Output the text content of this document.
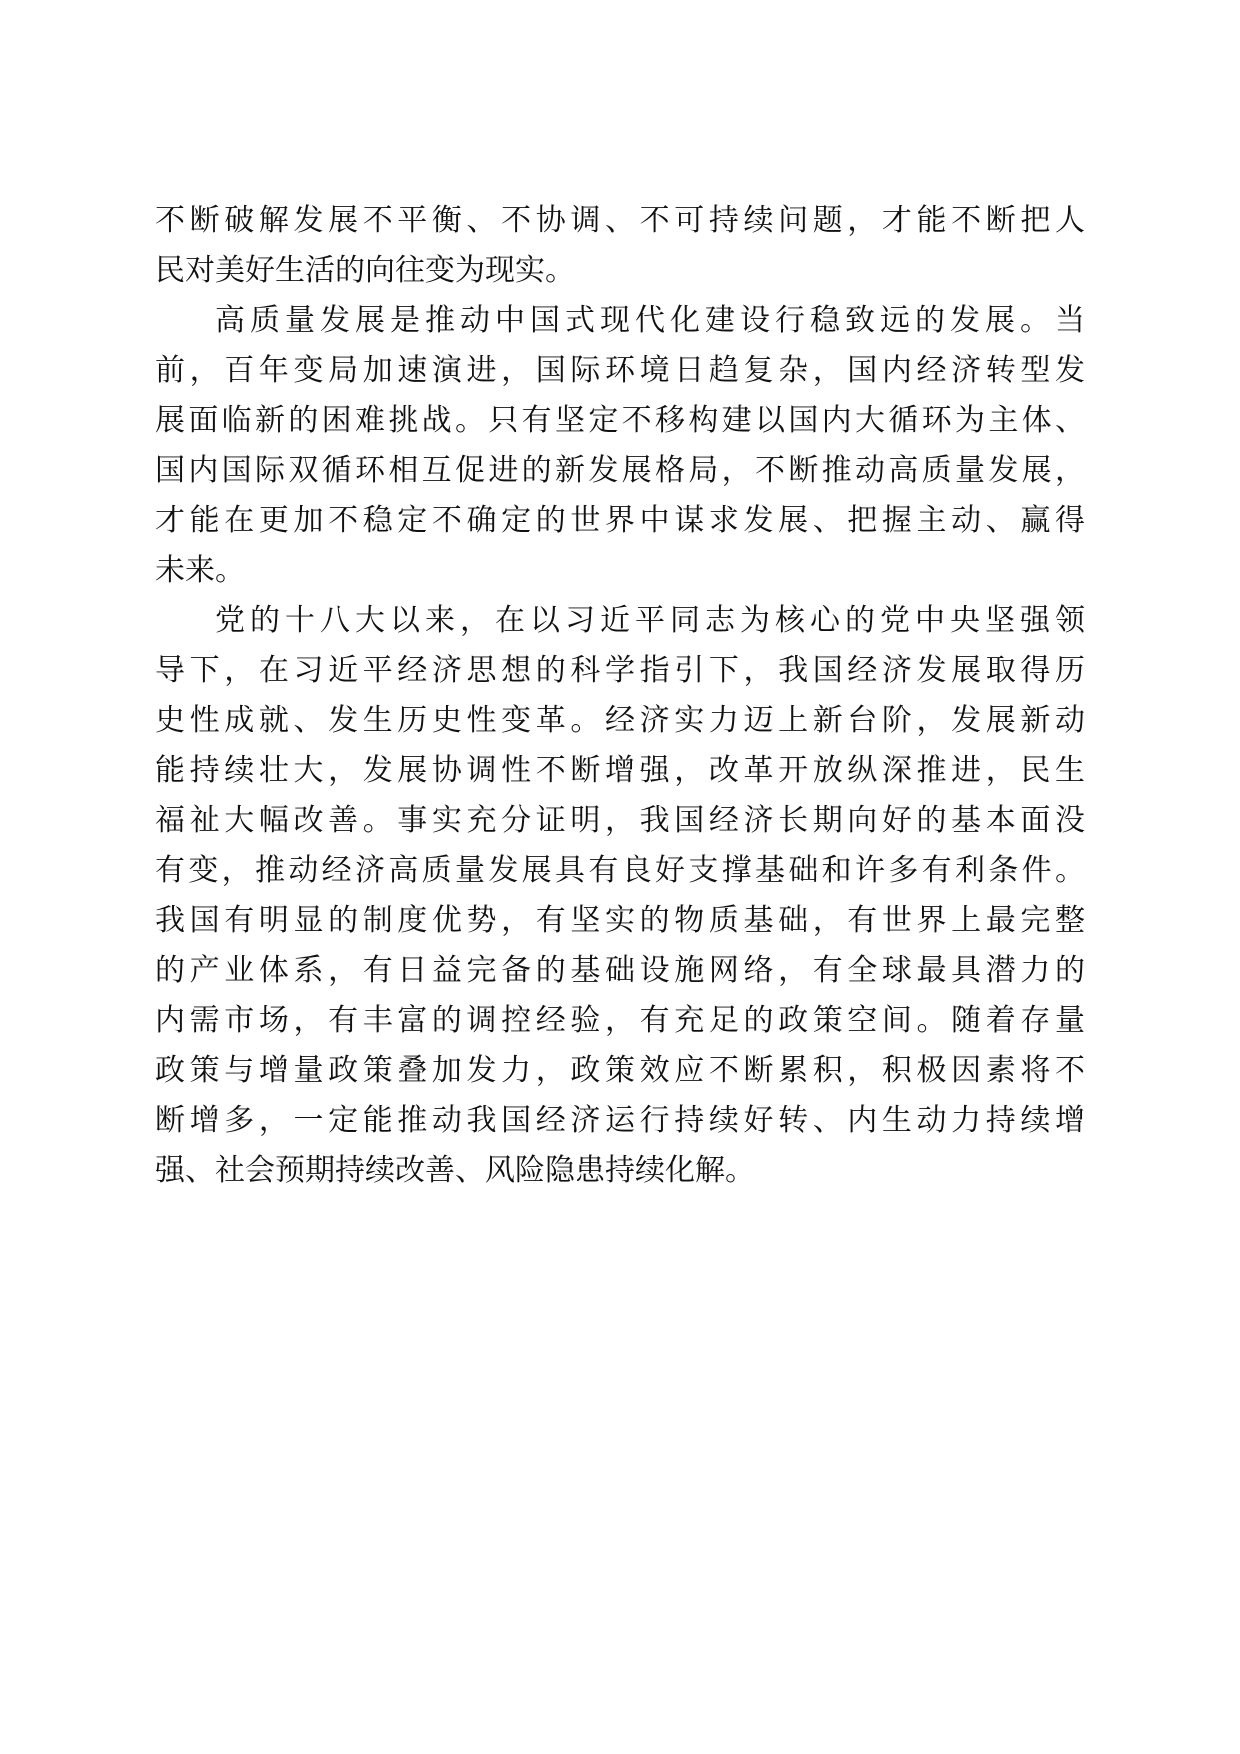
不断破解发展不平衡、不协调、不可持续问题，才能不断把人
民对美好生活的向往变为现实。
高质量发展是推动中国式现代化建设行稳致远的发展。当
前，百年变局加速演进，国际环境日趋复杂，国内经济转型发
展面临新的困难挑战。只有坚定不移构建以国内大循环为主体、
国内国际双循环相互促进的新发展格局，不断推动高质量发展，
才能在更加不稳定不确定的世界中谋求发展、把握主动、赢得
未来。
党的十八大以来，在以习近平同志为核心的党中央坚强领
导下，在习近平经济思想的科学指引下，我国经济发展取得历
史性成就、发生历史性变革。经济实力迈上新台阶，发展新动
能持续壮大，发展协调性不断增强，改革开放纵深推进，民生
福祉大幅改善。事实充分证明，我国经济长期向好的基本面没
有变，推动经济高质量发展具有良好支撑基础和许多有利条件。
我国有明显的制度优势，有坚实的物质基础，有世界上最完整
的产业体系，有日益完备的基础设施网络，有全球最具潜力的
内需市场，有丰富的调控经验，有充足的政策空间。随着存量
政策与增量政策叠加发力，政策效应不断累积，积极因素将不
断增多，一定能推动我国经济运行持续好转、内生动力持续增
强、社会预期持续改善、风险隐患持续化解。
